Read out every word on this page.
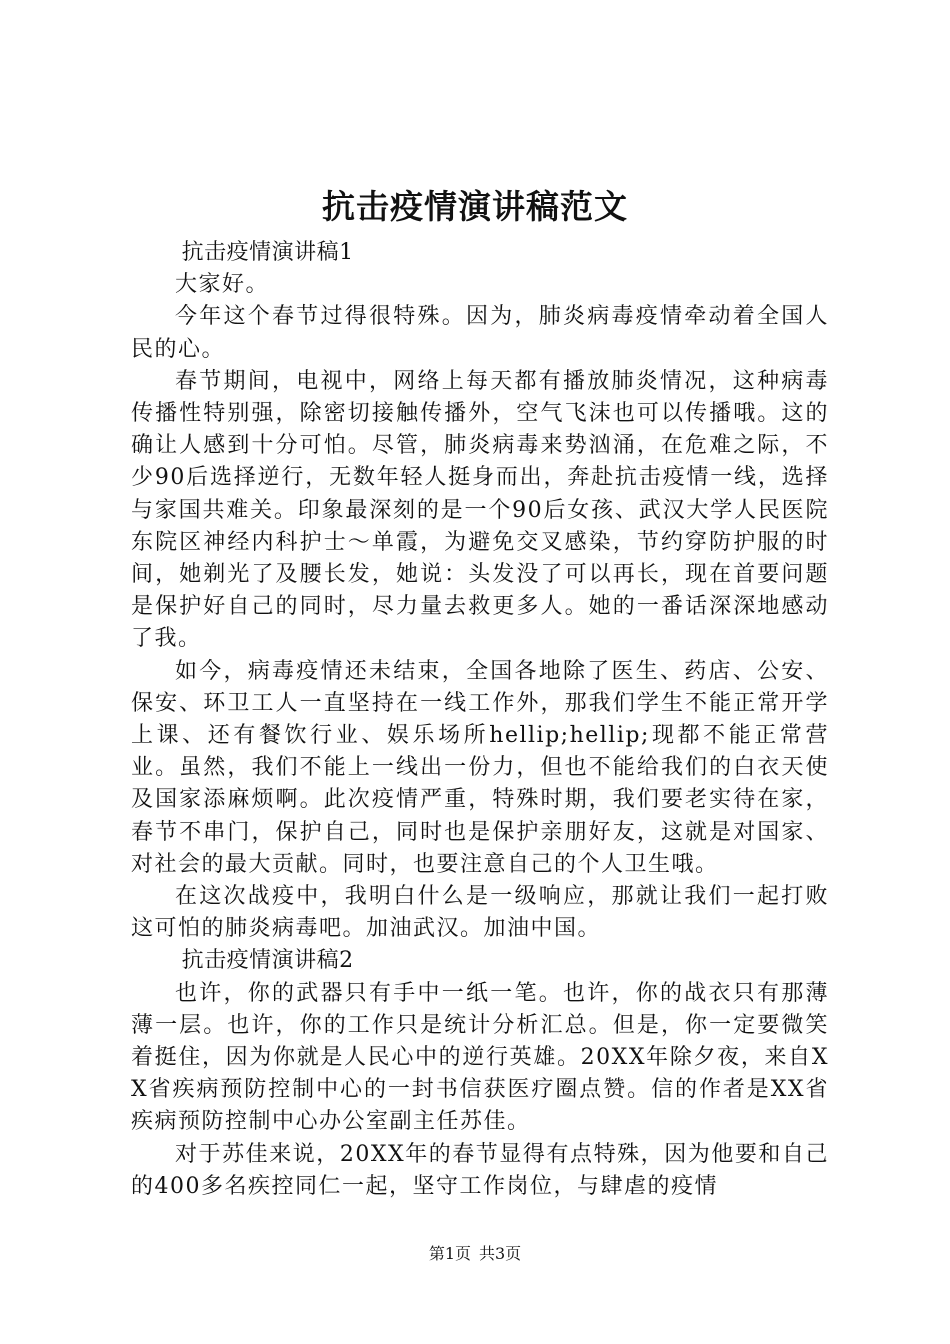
抗击疫情演讲稿范文

抗击疫情演讲稿1

大家好。

今年这个春节过得很特殊。因为，肺炎病毒疫情牵动着全国人民的心。

春节期间，电视中，网络上每天都有播放肺炎情况，这种病毒传播性特别强，除密切接触传播外，空气飞沫也可以传播哦。这的确让人感到十分可怕。尽管，肺炎病毒来势汹涌，在危难之际，不少90后选择逆行，无数年轻人挺身而出，奔赴抗击疫情一线，选择与家国共难关。印象最深刻的是一个90后女孩、武汉大学人民医院东院区神经内科护士～单霞，为避免交叉感染，节约穿防护服的时间，她剃光了及腰长发，她说：头发没了可以再长，现在首要问题是保护好自己的同时，尽力量去救更多人。她的一番话深深地感动了我。

如今，病毒疫情还未结束，全国各地除了医生、药店、公安、保安、环卫工人一直坚持在一线工作外，那我们学生不能正常开学上课、还有餐饮行业、娱乐场所hellip;hellip;现都不能正常营业。虽然，我们不能上一线出一份力，但也不能给我们的白衣天使及国家添麻烦啊。此次疫情严重，特殊时期，我们要老实待在家，春节不串门，保护自己，同时也是保护亲朋好友，这就是对国家、对社会的最大贡献。同时，也要注意自己的个人卫生哦。

在这次战疫中，我明白什么是一级响应，那就让我们一起打败这可怕的肺炎病毒吧。加油武汉。加油中国。

抗击疫情演讲稿2

也许，你的武器只有手中一纸一笔。也许，你的战衣只有那薄薄一层。也许，你的工作只是统计分析汇总。但是，你一定要微笑着挺住，因为你就是人民心中的逆行英雄。20XX年除夕夜，来自XX省疾病预防控制中心的一封书信获医疗圈点赞。信的作者是XX省疾病预防控制中心办公室副主任苏佳。

对于苏佳来说，20XX年的春节显得有点特殊，因为他要和自己的400多名疾控同仁一起，坚守工作岗位，与肆虐的疫情

第1页 共3页
